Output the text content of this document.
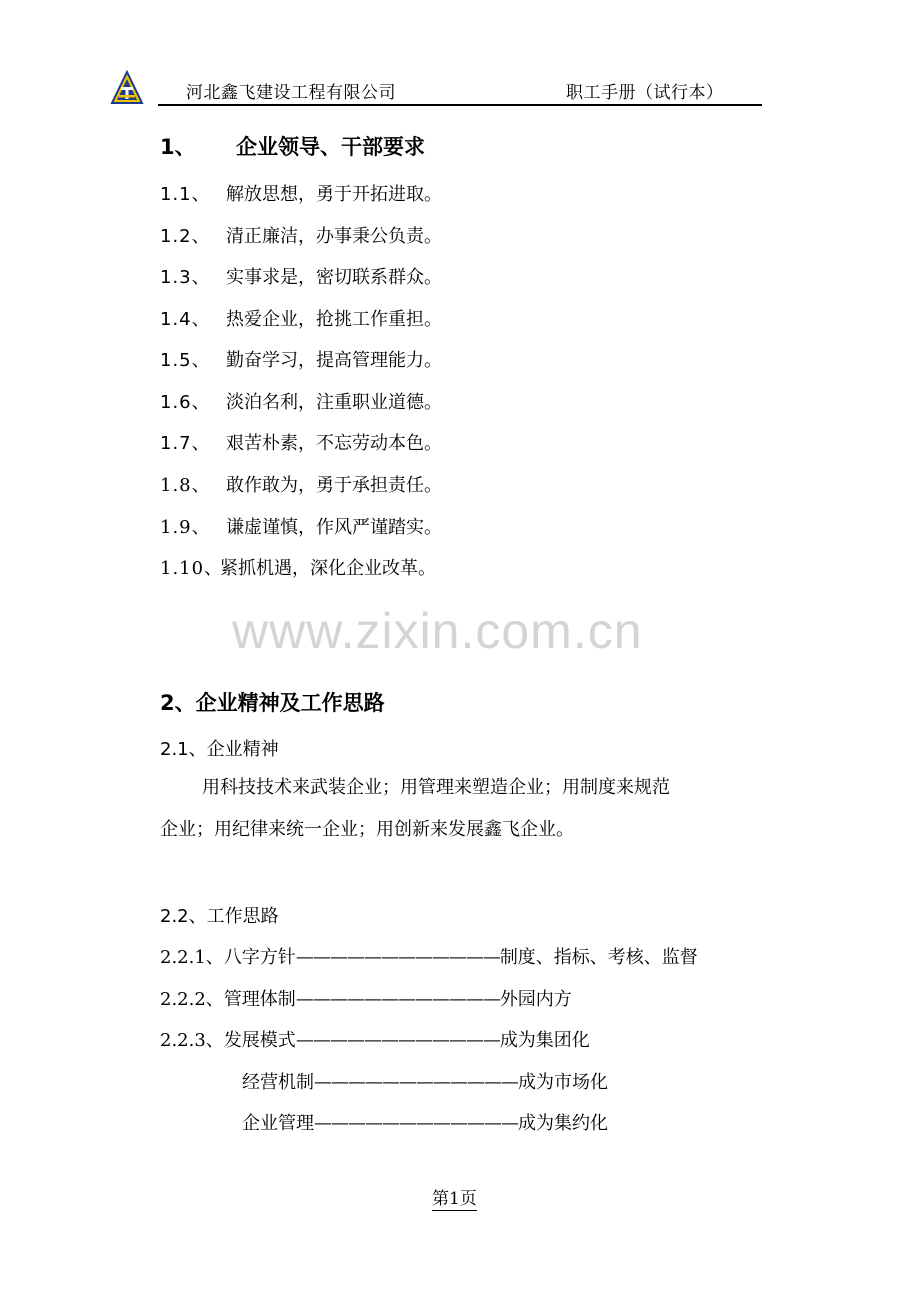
河北鑫飞建设工程有限公司	职工手册（试行本）
1、 企业领导、干部要求
1.1、 解放思想，勇于开拓进取。
1.2、 清正廉洁，办事秉公负责。
1.3、 实事求是，密切联系群众。
1.4、 热爱企业，抢挑工作重担。
1.5、 勤奋学习，提高管理能力。
1.6、 淡泊名利，注重职业道德。
1.7、 艰苦朴素，不忘劳动本色。
1.8、 敢作敢为，勇于承担责任。
1.9、 谦虚谨慎，作风严谨踏实。
1.10、紧抓机遇，深化企业改革。
www.zixin.com.cn
2、企业精神及工作思路
2.1、企业精神
用科技技术来武装企业；用管理来塑造企业；用制度来规范
企业；用纪律来统一企业；用创新来发展鑫飞企业。
2.2、工作思路
2.2.1、八字方针————————————制度、指标、考核、监督
2.2.2、管理体制————————————外园内方
2.2.3、发展模式————————————成为集团化
经营机制————————————成为市场化
企业管理————————————成为集约化
第1页
